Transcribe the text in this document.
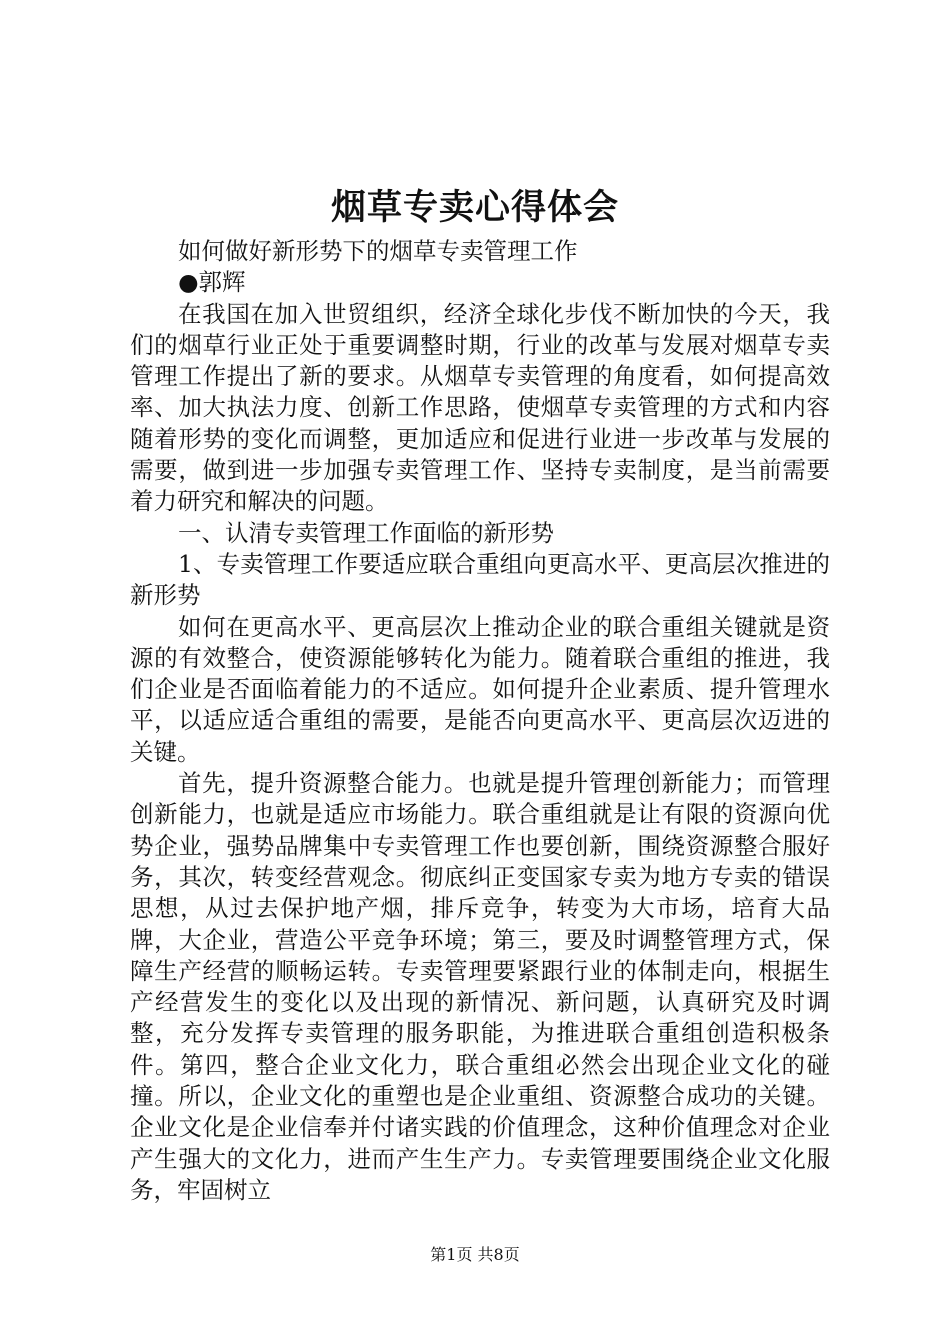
烟草专卖心得体会

如何做好新形势下的烟草专卖管理工作

●郭辉

在我国在加入世贸组织，经济全球化步伐不断加快的今天，我们的烟草行业正处于重要调整时期，行业的改革与发展对烟草专卖管理工作提出了新的要求。从烟草专卖管理的角度看，如何提高效率、加大执法力度、创新工作思路，使烟草专卖管理的方式和内容随着形势的变化而调整，更加适应和促进行业进一步改革与发展的需要，做到进一步加强专卖管理工作、坚持专卖制度，是当前需要着力研究和解决的问题。

一、认清专卖管理工作面临的新形势

1、专卖管理工作要适应联合重组向更高水平、更高层次推进的新形势

如何在更高水平、更高层次上推动企业的联合重组关键就是资源的有效整合，使资源能够转化为能力。随着联合重组的推进，我们企业是否面临着能力的不适应。如何提升企业素质、提升管理水平，以适应适合重组的需要，是能否向更高水平、更高层次迈进的关键。

首先，提升资源整合能力。也就是提升管理创新能力；而管理创新能力，也就是适应市场能力。联合重组就是让有限的资源向优势企业，强势品牌集中专卖管理工作也要创新，围绕资源整合服好务，其次，转变经营观念。彻底纠正变国家专卖为地方专卖的错误思想，从过去保护地产烟，排斥竞争，转变为大市场，培育大品牌，大企业，营造公平竞争环境；第三，要及时调整管理方式，保障生产经营的顺畅运转。专卖管理要紧跟行业的体制走向，根据生产经营发生的变化以及出现的新情况、新问题，认真研究及时调整，充分发挥专卖管理的服务职能，为推进联合重组创造积极条件。第四，整合企业文化力，联合重组必然会出现企业文化的碰撞。所以，企业文化的重塑也是企业重组、资源整合成功的关键。企业文化是企业信奉并付诸实践的价值理念，这种价值理念对企业产生强大的文化力，进而产生生产力。专卖管理要围绕企业文化服务，牢固树立

第1页 共8页
